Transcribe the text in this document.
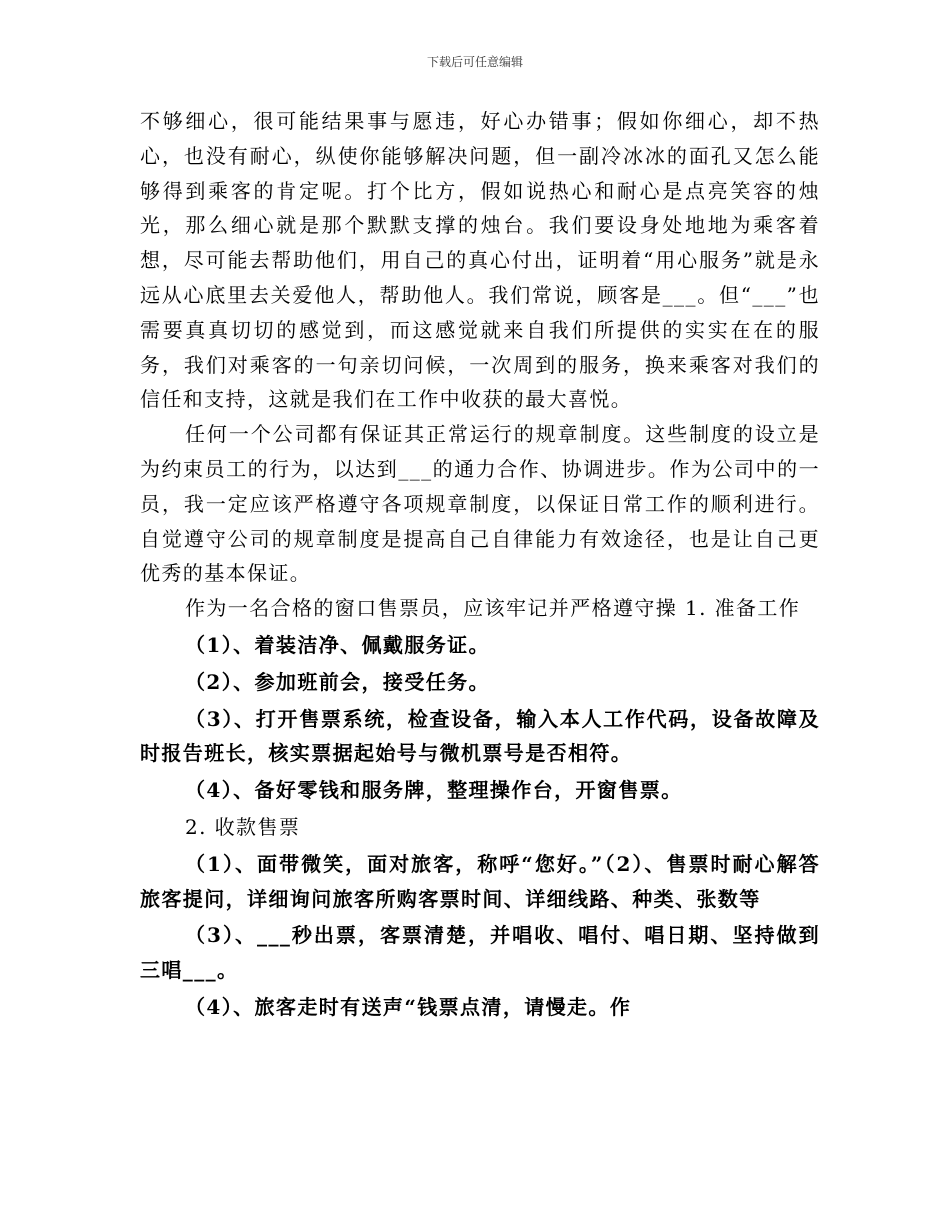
下载后可任意编辑

不够细心，很可能结果事与愿违，好心办错事；假如你细心，却不热心，也没有耐心，纵使你能够解决问题，但一副冷冰冰的面孔又怎么能够得到乘客的肯定呢。打个比方，假如说热心和耐心是点亮笑容的烛光，那么细心就是那个默默支撑的烛台。我们要设身处地地为乘客着想，尽可能去帮助他们，用自己的真心付出，证明着“用心服务”就是永远从心底里去关爱他人，帮助他人。我们常说，顾客是___。但“___”也需要真真切切的感觉到，而这感觉就来自我们所提供的实实在在的服务，我们对乘客的一句亲切问候，一次周到的服务，换来乘客对我们的信任和支持，这就是我们在工作中收获的最大喜悦。

任何一个公司都有保证其正常运行的规章制度。这些制度的设立是为约束员工的行为，以达到___的通力合作、协调进步。作为公司中的一员，我一定应该严格遵守各项规章制度，以保证日常工作的顺利进行。自觉遵守公司的规章制度是提高自己自律能力有效途径，也是让自己更优秀的基本保证。

作为一名合格的窗口售票员，应该牢记并严格遵守操 1. 准备工作

（1）、着装洁净、佩戴服务证。

（2）、参加班前会，接受任务。

（3）、打开售票系统，检查设备，输入本人工作代码，设备故障及时报告班长，核实票据起始号与微机票号是否相符。

（4）、备好零钱和服务牌，整理操作台，开窗售票。

2. 收款售票

（1）、面带微笑，面对旅客，称呼“您好。”（2）、售票时耐心解答旅客提问，详细询问旅客所购客票时间、详细线路、种类、张数等

（3）、___秒出票，客票清楚，并唱收、唱付、唱日期、坚持做到三唱___。

（4）、旅客走时有送声“钱票点清，请慢走。作
